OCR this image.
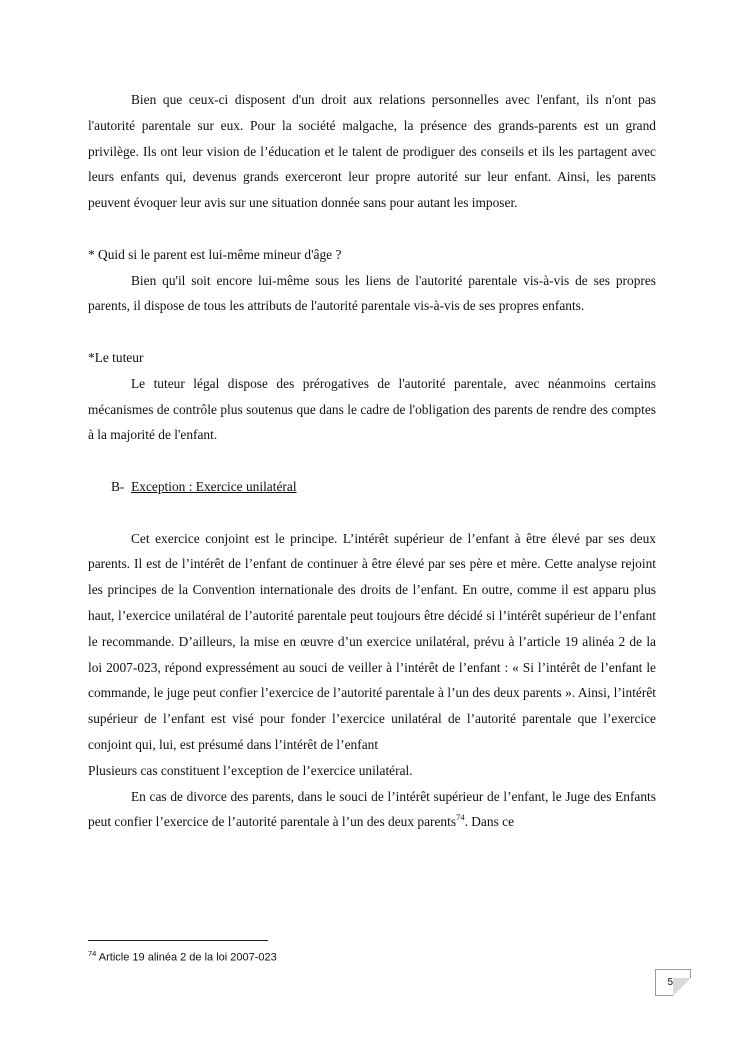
Bien que ceux-ci disposent d'un droit aux relations personnelles avec l'enfant, ils n'ont pas l'autorité parentale sur eux. Pour la société malgache, la présence des grands-parents est un grand privilège. Ils ont leur vision de l’éducation et le talent de prodiguer des conseils et ils les partagent avec leurs enfants qui, devenus grands exerceront leur propre autorité sur leur enfant. Ainsi, les parents peuvent évoquer leur avis sur une situation donnée sans pour autant les imposer.

* Quid si le parent est lui-même mineur d'âge ?

Bien qu'il soit encore lui-même sous les liens de l'autorité parentale vis-à-vis de ses propres parents, il dispose de tous les attributs de l'autorité parentale vis-à-vis de ses propres enfants.

*Le tuteur

Le tuteur légal dispose des prérogatives de l'autorité parentale, avec néanmoins certains mécanismes de contrôle plus soutenus que dans le cadre de l'obligation des parents de rendre des comptes à la majorité de l'enfant.

B- Exception : Exercice unilatéral

Cet exercice conjoint est le principe. L’intérêt supérieur de l’enfant à être élevé par ses deux parents. Il est de l’intérêt de l’enfant de continuer à être élevé par ses père et mère. Cette analyse rejoint les principes de la Convention internationale des droits de l’enfant. En outre, comme il est apparu plus haut, l’exercice unilatéral de l’autorité parentale peut toujours être décidé si l’intérêt supérieur de l’enfant le recommande. D’ailleurs, la mise en œuvre d’un exercice unilatéral, prévu à l’article 19 alinéa 2 de la loi 2007-023, répond expressément au souci de veiller à l’intérêt de l’enfant : « Si l’intérêt de l’enfant le commande, le juge peut confier l’exercice de l’autorité parentale à l’un des deux parents ». Ainsi, l’intérêt supérieur de l’enfant est visé pour fonder l’exercice unilatéral de l’autorité parentale que l’exercice conjoint qui, lui, est présumé dans l’intérêt de l’enfant

Plusieurs cas constituent l’exception de l’exercice unilatéral.

En cas de divorce des parents, dans le souci de l’intérêt supérieur de l’enfant, le Juge des Enfants peut confier l’exercice de l’autorité parentale à l’un des deux parents$^{74}$. Dans ce

$^{74}$ Article 19 alinéa 2 de la loi 2007-023
55
